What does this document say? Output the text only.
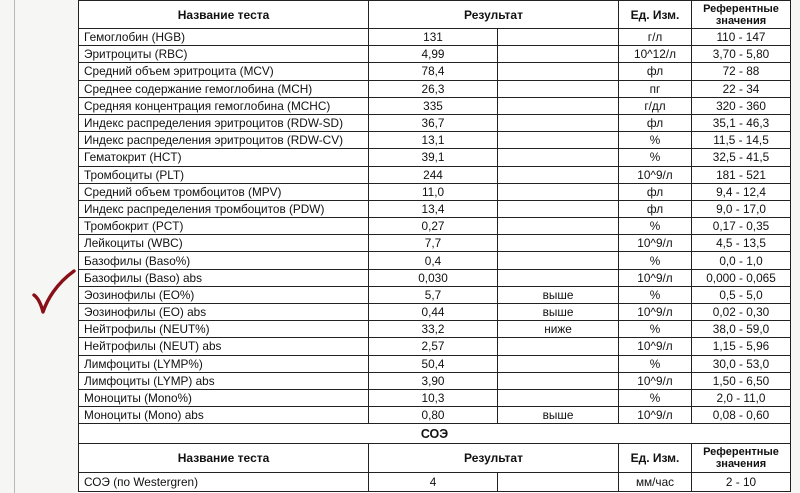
Название теста	Результат		Ед. Изм.	Референтные значения
Гемоглобин (HGB)	131		г/л	110 - 147
Эритроциты (RBC)	4,99		10^12/л	3,70 - 5,80
Средний объем эритроцита (MCV)	78,4		фл	72 - 88
Среднее содержание гемоглобина (MCH)	26,3		пг	22 - 34
Средняя концентрация гемоглобина (MCHC)	335		г/дл	320 - 360
Индекс распределения эритроцитов (RDW-SD)	36,7		фл	35,1 - 46,3
Индекс распределения эритроцитов (RDW-CV)	13,1		%	11,5 - 14,5
Гематокрит (HCT)	39,1		%	32,5 - 41,5
Тромбоциты (PLT)	244		10^9/л	181 - 521
Средний объем тромбоцитов (MPV)	11,0		фл	9,4 - 12,4
Индекс распределения тромбоцитов (PDW)	13,4		фл	9,0 - 17,0
Тромбокрит (PCT)	0,27		%	0,17 - 0,35
Лейкоциты (WBC)	7,7		10^9/л	4,5 - 13,5
Базофилы (Baso%)	0,4		%	0,0 - 1,0
Базофилы (Baso) abs	0,030		10^9/л	0,000 - 0,065
Эозинофилы (EO%)	5,7	выше	%	0,5 - 5,0
Эозинофилы (EO) abs	0,44	выше	10^9/л	0,02 - 0,30
Нейтрофилы (NEUT%)	33,2	ниже	%	38,0 - 59,0
Нейтрофилы (NEUT) abs	2,57		10^9/л	1,15 - 5,96
Лимфоциты (LYMP%)	50,4		%	30,0 - 53,0
Лимфоциты (LYMP) abs	3,90		10^9/л	1,50 - 6,50
Моноциты (Mono%)	10,3		%	2,0 - 11,0
Моноциты (Mono) abs	0,80	выше	10^9/л	0,08 - 0,60
СОЭ				
Название теста	Результат		Ед. Изм.	Референтные значения
СОЭ (по Westergren)	4		мм/час	2 - 10
